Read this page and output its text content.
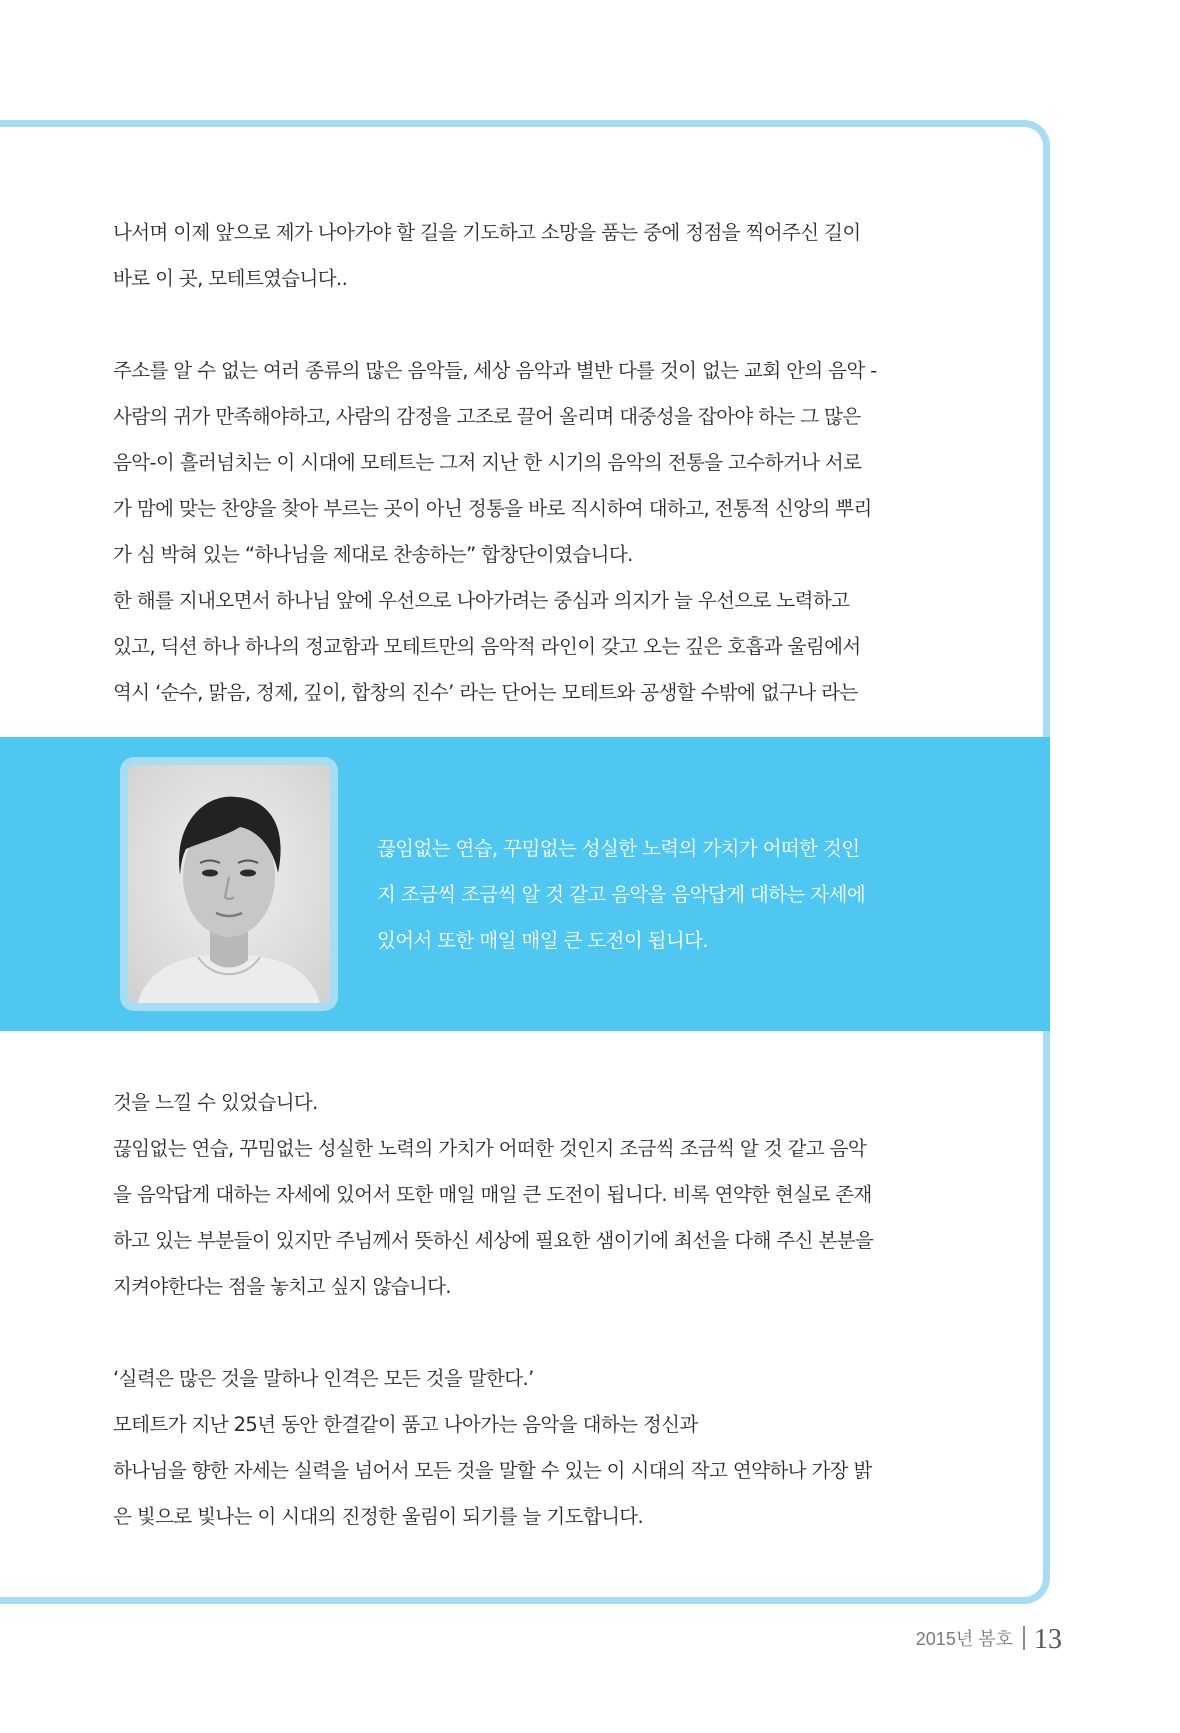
나서며 이제 앞으로 제가 나아가야 할 길을 기도하고 소망을 품는 중에 정점을 찍어주신 길이

바로 이 곳, 모테트였습니다..

주소를 알 수 없는 여러 종류의 많은 음악들, 세상 음악과 별반 다를 것이 없는 교회 안의 음악 -

사람의 귀가 만족해야하고, 사람의 감정을 고조로 끌어 올리며 대중성을 잡아야 하는 그 많은

음악-이 흘러넘치는 이 시대에 모테트는 그저 지난 한 시기의 음악의 전통을 고수하거나 서로

가 맘에 맞는 찬양을 찾아 부르는 곳이 아닌 정통을 바로 직시하여 대하고, 전통적 신앙의 뿌리

가 심 박혀 있는 “하나님을 제대로 찬송하는” 합창단이였습니다.

한 해를 지내오면서 하나님 앞에 우선으로 나아가려는 중심과 의지가 늘 우선으로 노력하고

있고, 딕션 하나 하나의 정교함과 모테트만의 음악적 라인이 갖고 오는 깊은 호흡과 울림에서

역시 ‘순수, 맑음, 정제, 깊이, 합창의 진수’ 라는 단어는 모테트와 공생할 수밖에 없구나 라는

끊임없는 연습, 꾸밈없는 성실한 노력의 가치가 어떠한 것인

지 조금씩 조금씩 알 것 같고 음악을 음악답게 대하는 자세에

있어서 또한 매일 매일 큰 도전이 됩니다.

것을 느낄 수 있었습니다.

끊임없는 연습, 꾸밈없는 성실한 노력의 가치가 어떠한 것인지 조금씩 조금씩 알 것 같고 음악

을 음악답게 대하는 자세에 있어서 또한 매일 매일 큰 도전이 됩니다. 비록 연약한 현실로 존재

하고 있는 부분들이 있지만 주님께서 뜻하신 세상에 필요한 샘이기에 최선을 다해 주신 본분을

지켜야한다는 점을 놓치고 싶지 않습니다.

‘실력은 많은 것을 말하나 인격은 모든 것을 말한다.’

모테트가 지난 25년 동안 한결같이 품고 나아가는 음악을 대하는 정신과

하나님을 향한 자세는 실력을 넘어서 모든 것을 말할 수 있는 이 시대의 작고 연약하나 가장 밝

은 빛으로 빛나는 이 시대의 진정한 울림이 되기를 늘 기도합니다.

2015년 봄호 13
